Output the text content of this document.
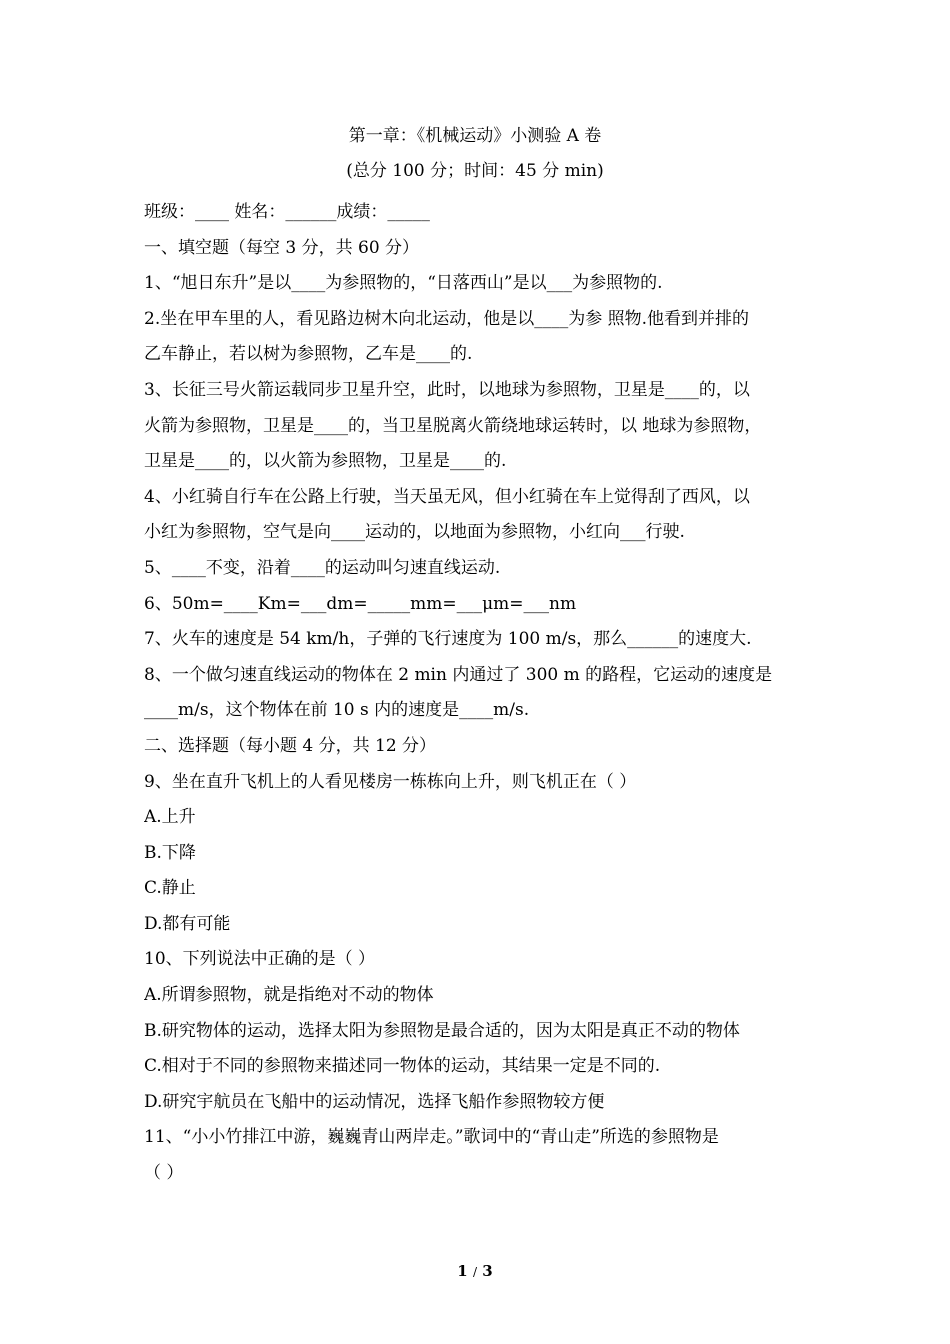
第一章：《机械运动》小测验 A 卷
(总分 100 分；时间：45 分 min)
班级：____ 姓名：______成绩：_____
一、填空题（每空 3 分，共 60 分）
1、“旭日东升”是以____为参照物的，“日落西山”是以___为参照物的.
2.坐在甲车里的人，看见路边树木向北运动，他是以____为参 照物.他看到并排的
乙车静止，若以树为参照物，乙车是____的.
3、长征三号火箭运载同步卫星升空，此时，以地球为参照物，卫星是____的，以
火箭为参照物，卫星是____的，当卫星脱离火箭绕地球运转时，以 地球为参照物，
卫星是____的，以火箭为参照物，卫星是____的.
4、小红骑自行车在公路上行驶，当天虽无风，但小红骑在车上觉得刮了西风，以
小红为参照物，空气是向____运动的，以地面为参照物，小红向___行驶.
5、____不变，沿着____的运动叫匀速直线运动.
6、50m=____Km=___dm=_____mm=___μm=___nm
7、火车的速度是 54 km/h，子弹的飞行速度为 100 m/s，那么______的速度大.
8、一个做匀速直线运动的物体在 2 min 内通过了 300 m 的路程，它运动的速度是
____m/s，这个物体在前 10 s 内的速度是____m/s.
二、选择题（每小题 4 分，共 12 分）
9、坐在直升飞机上的人看见楼房一栋栋向上升，则飞机正在（ ）
A.上升
B.下降
C.静止
D.都有可能
10、下列说法中正确的是（ ）
A.所谓参照物，就是指绝对不动的物体
B.研究物体的运动，选择太阳为参照物是最合适的，因为太阳是真正不动的物体
C.相对于不同的参照物来描述同一物体的运动，其结果一定是不同的.
D.研究宇航员在飞船中的运动情况，选择飞船作参照物较方便
11、“小小竹排江中游，巍巍青山两岸走。”歌词中的“青山走”所选的参照物是
（ ）
1 / 3
